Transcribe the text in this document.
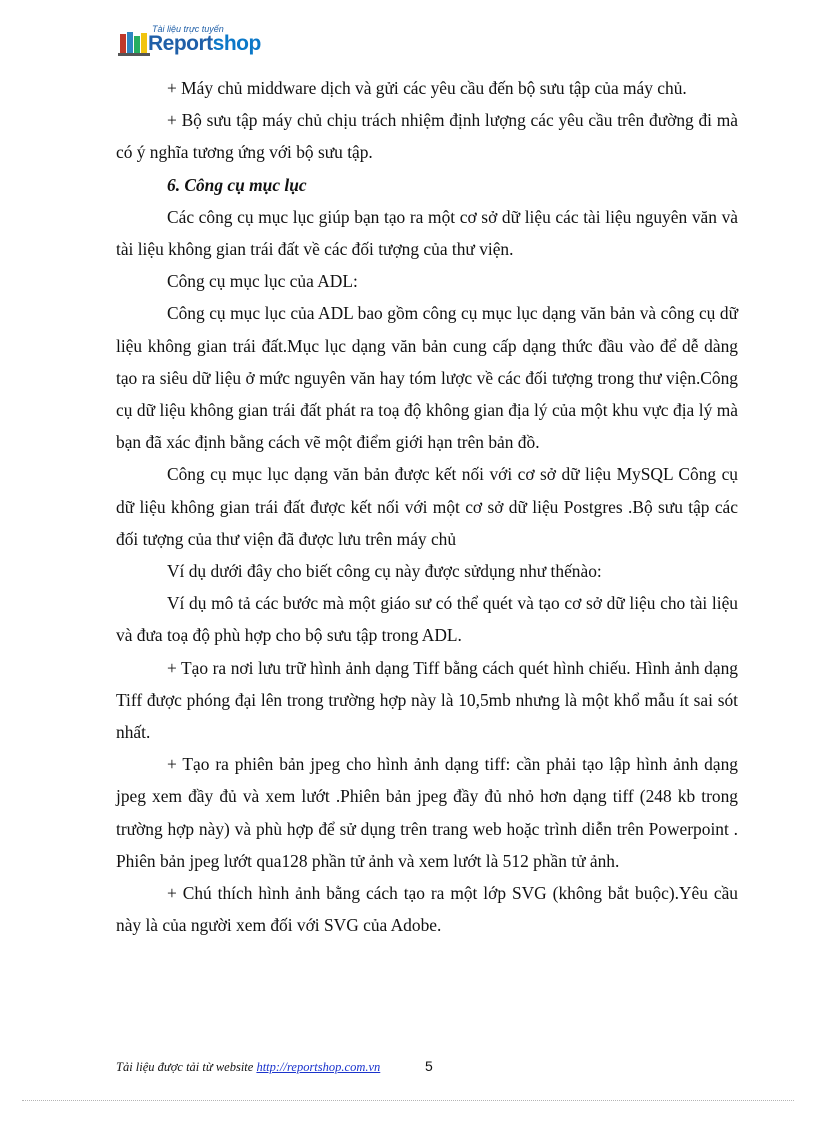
Tài liệu trực tuyến
Reportshop

+ Máy chủ middware dịch và gửi các yêu cầu đến bộ sưu tập của máy chủ.

+ Bộ sưu tập máy chủ chịu trách nhiệm định lượng các yêu cầu trên đường đi mà có ý nghĩa tương ứng với bộ sưu tập.

6. Công cụ mục lục

Các công cụ mục lục giúp bạn tạo ra một cơ sở dữ liệu các tài liệu nguyên văn và tài liệu không gian trái đất về các đối tượng của thư viện.

Công cụ mục lục của ADL:

Công cụ mục lục của ADL bao gồm công cụ mục lục dạng văn bản và công cụ dữ liệu không gian trái đất.Mục lục dạng văn bản cung cấp dạng thức đầu vào để dễ dàng tạo ra siêu dữ liệu ở mức nguyên văn hay tóm lược về các đối tượng trong thư viện.Công cụ dữ liệu không gian trái đất phát ra toạ độ không gian địa lý của một khu vực địa lý mà bạn đã xác định bằng cách vẽ một điểm giới hạn trên bản đồ.

Công cụ mục lục dạng văn bản được kết nối với cơ sở dữ liệu MySQL Công cụ dữ liệu không gian trái đất được kết nối với một cơ sở dữ liệu Postgres .Bộ sưu tập các đối tượng của thư viện đã được lưu trên máy chủ

Ví dụ dưới đây cho biết công cụ này được sửdụng như thếnào:

Ví dụ mô tả các bước mà một giáo sư có thể quét và tạo cơ sở dữ liệu cho tài liệu và đưa toạ độ phù hợp cho bộ sưu tập trong ADL.

+ Tạo ra nơi lưu trữ hình ảnh dạng Tiff bằng cách quét hình chiếu. Hình ảnh dạng Tiff được phóng đại lên trong trường hợp này là 10,5mb nhưng là một khổ mẫu ít sai sót nhất.

+ Tạo ra phiên bản jpeg cho hình ảnh dạng tiff: cần phải tạo lập hình ảnh dạng jpeg xem đầy đủ và xem lướt .Phiên bản jpeg đầy đủ nhỏ hơn dạng tiff (248 kb trong trường hợp này) và phù hợp để sử dụng trên trang web hoặc trình diễn trên Powerpoint . Phiên bản jpeg lướt qua128 phần tử ảnh và xem lướt là 512 phần tử ảnh.

+ Chú thích hình ảnh bằng cách tạo ra một lớp SVG (không bắt buộc).Yêu cầu này là của người xem đối với SVG của Adobe.

Tải liệu được tải từ website http://reportshop.com.vn	5
